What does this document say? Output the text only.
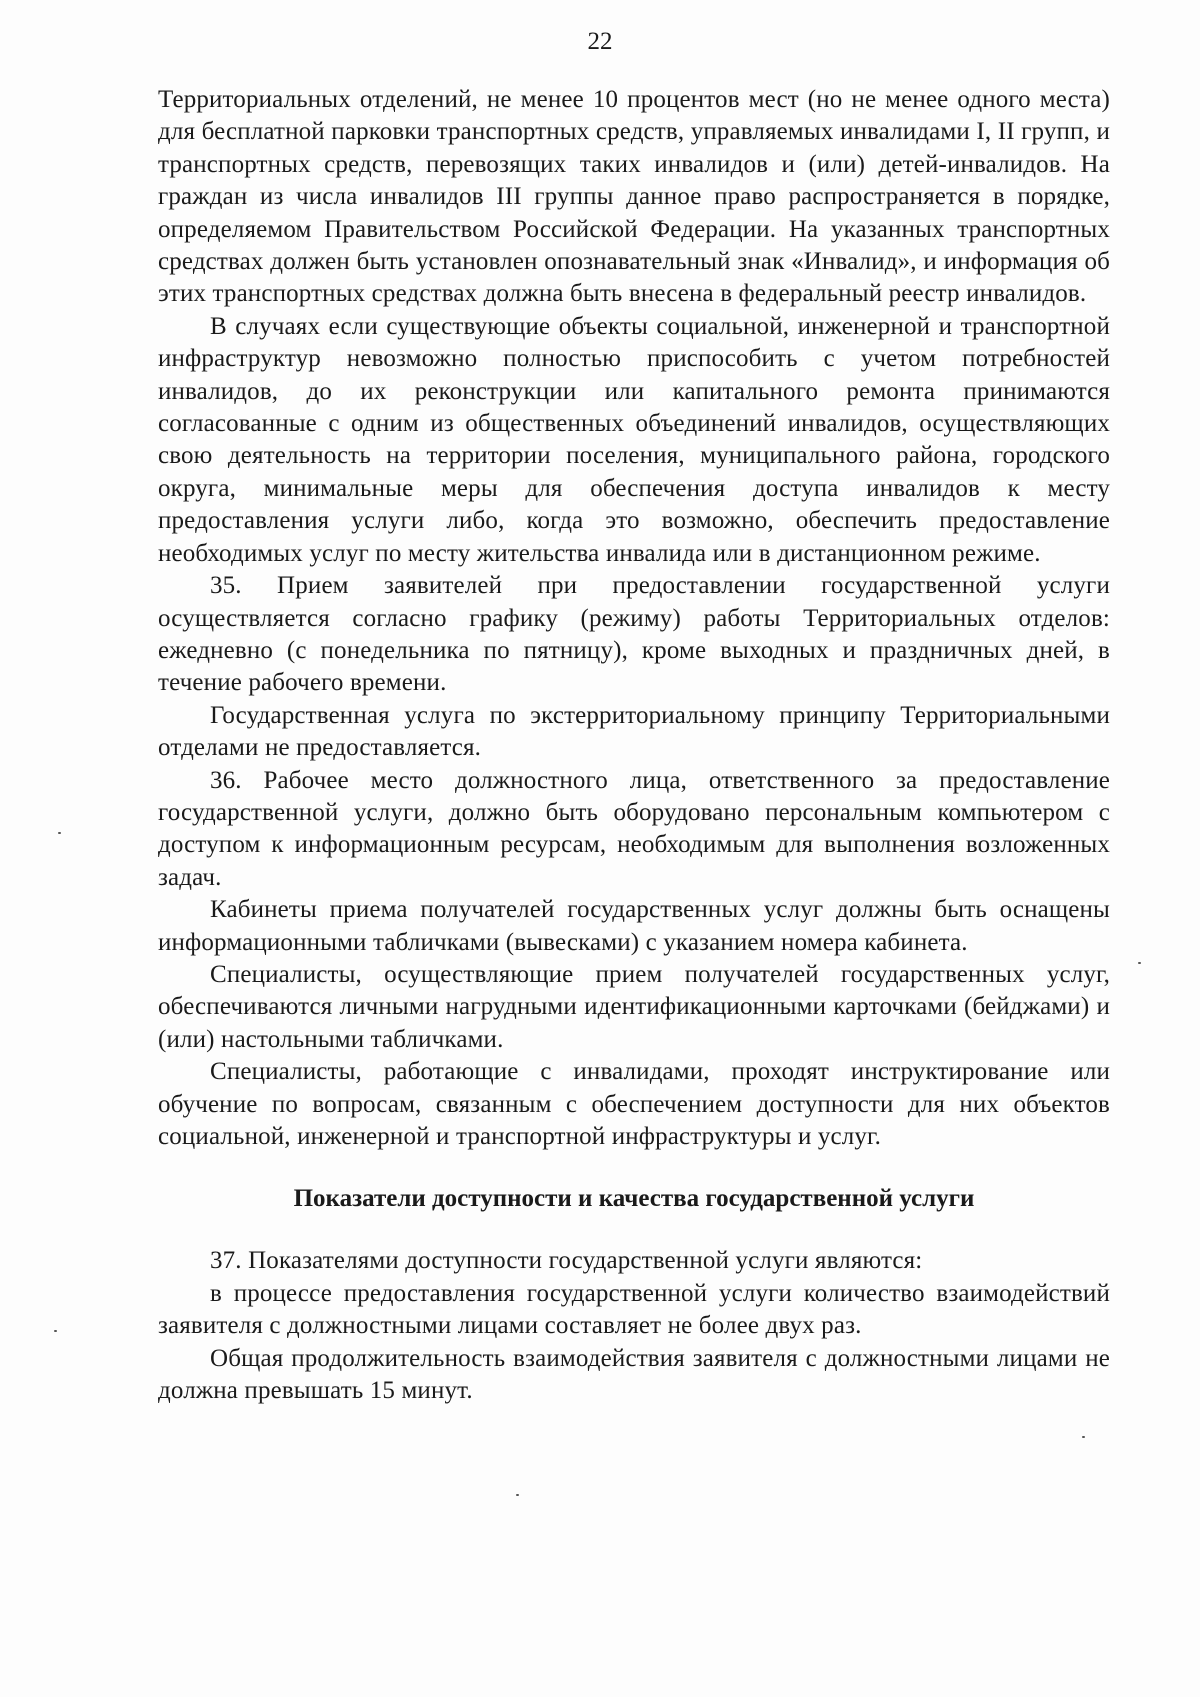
22

Территориальных отделений, не менее 10 процентов мест (но не менее одного места) для бесплатной парковки транспортных средств, управляемых инвалидами I, II групп, и транспортных средств, перевозящих таких инвалидов и (или) детей-инвалидов. На граждан из числа инвалидов III группы данное право распространяется в порядке, определяемом Правительством Российской Федерации. На указанных транспортных средствах должен быть установлен опознавательный знак «Инвалид», и информация об этих транспортных средствах должна быть внесена в федеральный реестр инвалидов.

В случаях если существующие объекты социальной, инженерной и транспортной инфраструктур невозможно полностью приспособить с учетом потребностей инвалидов, до их реконструкции или капитального ремонта принимаются согласованные с одним из общественных объединений инвалидов, осуществляющих свою деятельность на территории поселения, муниципального района, городского округа, минимальные меры для обеспечения доступа инвалидов к месту предоставления услуги либо, когда это возможно, обеспечить предоставление необходимых услуг по месту жительства инвалида или в дистанционном режиме.

35. Прием заявителей при предоставлении государственной услуги осуществляется согласно графику (режиму) работы Территориальных отделов: ежедневно (с понедельника по пятницу), кроме выходных и праздничных дней, в течение рабочего времени.

Государственная услуга по экстерриториальному принципу Территориальными отделами не предоставляется.

36. Рабочее место должностного лица, ответственного за предоставление государственной услуги, должно быть оборудовано персональным компьютером с доступом к информационным ресурсам, необходимым для выполнения возложенных задач.

Кабинеты приема получателей государственных услуг должны быть оснащены информационными табличками (вывесками) с указанием номера кабинета.

Специалисты, осуществляющие прием получателей государственных услуг, обеспечиваются личными нагрудными идентификационными карточками (бейджами) и (или) настольными табличками.

Специалисты, работающие с инвалидами, проходят инструктирование или обучение по вопросам, связанным с обеспечением доступности для них объектов социальной, инженерной и транспортной инфраструктуры и услуг.

Показатели доступности и качества государственной услуги

37. Показателями доступности государственной услуги являются:

в процессе предоставления государственной услуги количество взаимодействий заявителя с должностными лицами составляет не более двух раз.

Общая продолжительность взаимодействия заявителя с должностными лицами не должна превышать 15 минут.
